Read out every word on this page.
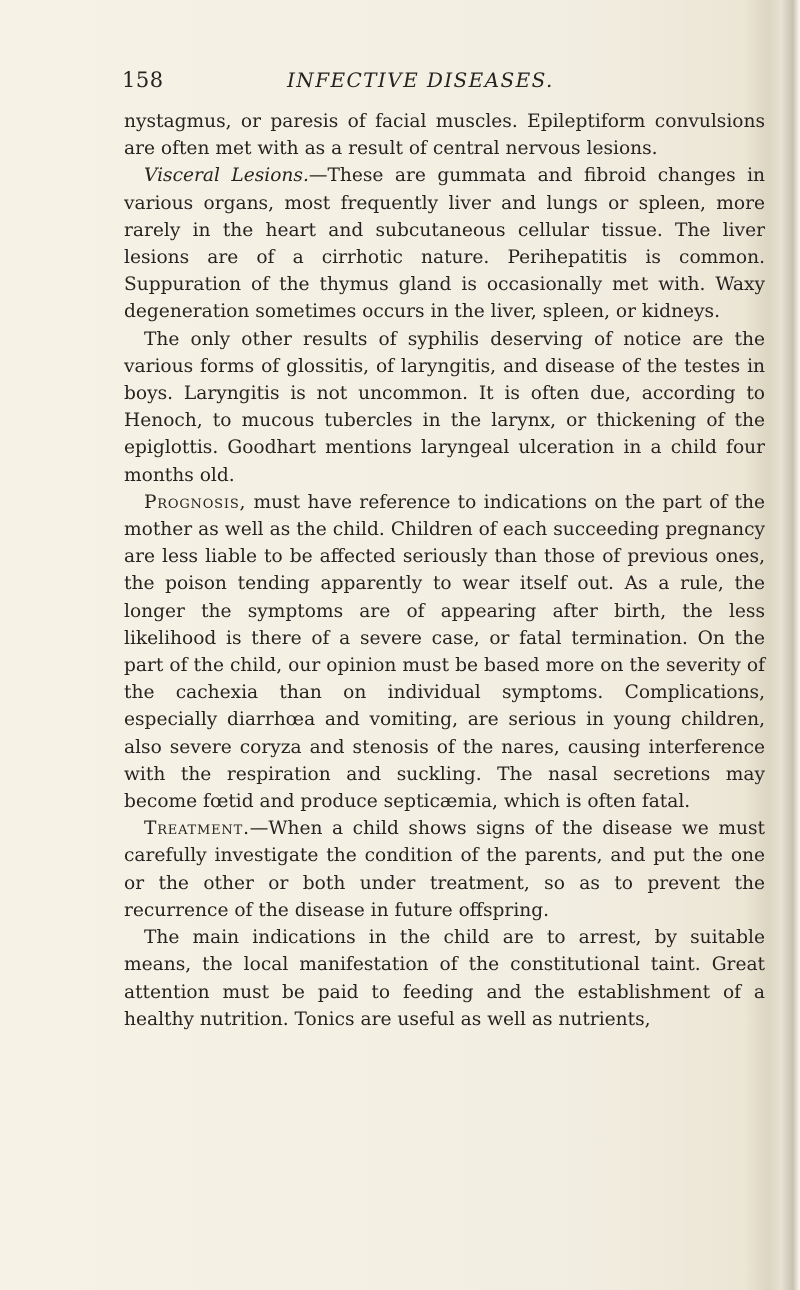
158	INFECTIVE DISEASES.

nystagmus, or paresis of facial muscles. Epileptiform convulsions are often met with as a result of central nervous lesions.

Visceral Lesions.—These are gummata and fibroid changes in various organs, most frequently liver and lungs or spleen, more rarely in the heart and subcutaneous cellular tissue. The liver lesions are of a cirrhotic nature. Perihepatitis is common. Suppuration of the thymus gland is occasionally met with. Waxy degeneration sometimes occurs in the liver, spleen, or kidneys.

The only other results of syphilis deserving of notice are the various forms of glossitis, of laryngitis, and disease of the testes in boys. Laryngitis is not uncommon. It is often due, according to Henoch, to mucous tubercles in the larynx, or thickening of the epiglottis. Goodhart mentions laryngeal ulceration in a child four months old.

Prognosis, must have reference to indications on the part of the mother as well as the child. Children of each succeeding pregnancy are less liable to be affected seriously than those of previous ones, the poison tending apparently to wear itself out. As a rule, the longer the symptoms are of appearing after birth, the less likelihood is there of a severe case, or fatal termination. On the part of the child, our opinion must be based more on the severity of the cachexia than on individual symptoms. Complications, especially diarrhœa and vomiting, are serious in young children, also severe coryza and stenosis of the nares, causing interference with the respiration and suckling. The nasal secretions may become fœtid and produce septicæmia, which is often fatal.

Treatment.—When a child shows signs of the disease we must carefully investigate the condition of the parents, and put the one or the other or both under treatment, so as to prevent the recurrence of the disease in future offspring.

The main indications in the child are to arrest, by suitable means, the local manifestation of the constitutional taint. Great attention must be paid to feeding and the establishment of a healthy nutrition. Tonics are useful as well as nutrients,
